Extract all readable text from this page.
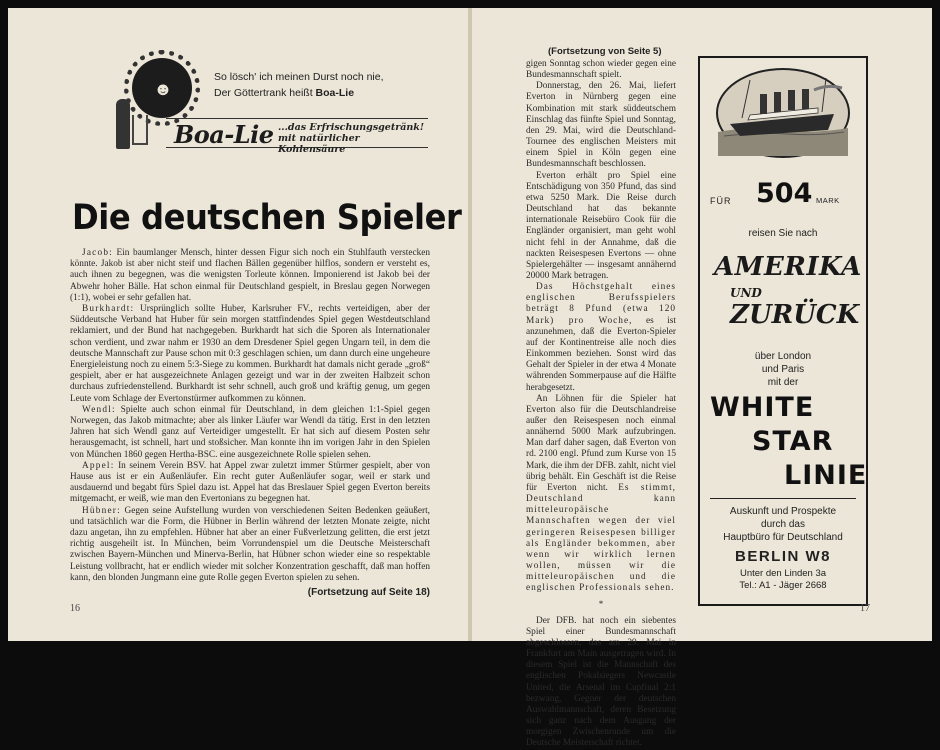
☻
So lösch' ich meinen Durst noch nie,
Der Göttertrank heißt Boa-Lie
Boa-Lie ...das Erfrischungsgetränk!
mit natürlicher Kohlensäure
Die deutschen Spieler

Jacob: Ein baumlanger Mensch, hinter dessen Figur sich noch ein Stuhlfauth verstecken könnte. Jakob ist aber nicht steif und flachen Bällen gegenüber hilflos, sondern er versteht es, auch ihnen zu begegnen, was die wenigsten Torleute können. Imponierend ist Jakob bei der Abwehr hoher Bälle. Hat schon einmal für Deutschland gespielt, in Breslau gegen Norwegen (1:1), wobei er sehr gefallen hat.

Burkhardt: Ursprünglich sollte Huber, Karlsruher FV., rechts verteidigen, aber der Süddeutsche Verband hat Huber für sein morgen stattfindendes Spiel gegen Westdeutschland reklamiert, und der Bund hat nachgegeben. Burkhardt hat sich die Sporen als Internationaler schon verdient, und zwar nahm er 1930 an dem Dresdener Spiel gegen Ungarn teil, in dem die deutsche Mannschaft zur Pause schon mit 0:3 geschlagen schien, um dann durch eine ungeheure Energieleistung noch zu einem 5:3-Siege zu kommen. Burkhardt hat damals nicht gerade „groß“ gespielt, aber er hat ausgezeichnete Anlagen gezeigt und war in der zweiten Halbzeit schon durchaus zufriedenstellend. Burkhardt ist sehr schnell, auch groß und kräftig genug, um gegen Leute vom Schlage der Evertonstürmer aufkommen zu können.

Wendl: Spielte auch schon einmal für Deutschland, in dem gleichen 1:1-Spiel gegen Norwegen, das Jakob mitmachte; aber als linker Läufer war Wendl da tätig. Erst in den letzten Jahren hat sich Wendl ganz auf Verteidiger umgestellt. Er hat sich auf diesem Posten sehr herausgemacht, ist schnell, hart und stoßsicher. Man konnte ihn im vorigen Jahr in den Spielen von München 1860 gegen Hertha-BSC. eine ausgezeichnete Rolle spielen sehen.

Appel: In seinem Verein BSV. hat Appel zwar zuletzt immer Stürmer gespielt, aber von Hause aus ist er ein Außenläufer. Ein recht guter Außenläufer sogar, weil er stark und ausdauernd und begabt fürs Spiel dazu ist. Appel hat das Breslauer Spiel gegen Everton bereits mitgemacht, er weiß, wie man den Evertonians zu begegnen hat.

Hübner: Gegen seine Aufstellung wurden von verschiedenen Seiten Bedenken geäußert, und tatsächlich war die Form, die Hübner in Berlin während der letzten Monate zeigte, nicht dazu angetan, ihn zu empfehlen. Hübner hat aber an einer Fußverletzung gelitten, die erst jetzt richtig ausgeheilt ist. In München, beim Vorrundenspiel um die Deutsche Meisterschaft zwischen Bayern-München und Minerva-Berlin, hat Hübner schon wieder eine so respektable Leistung vollbracht, hat er endlich wieder mit solcher Konzentration geschafft, daß man hoffen kann, den blonden Jungmann eine gute Rolle gegen Everton spielen zu sehen.

(Fortsetzung auf Seite 18)
16
(Fortsetzung von Seite 5)

gigen Sonntag schon wieder gegen eine Bundesmannschaft spielt.

Donnerstag, den 26. Mai, liefert Everton in Nürnberg gegen eine Kombination mit stark süddeutschem Einschlag das fünfte Spiel und Sonntag, den 29. Mai, wird die Deutschland-Tournee des englischen Meisters mit einem Spiel in Köln gegen eine Bundesmannschaft beschlossen.

Everton erhält pro Spiel eine Entschädigung von 350 Pfund, das sind etwa 5250 Mark. Die Reise durch Deutschland hat das bekannte internationale Reisebüro Cook für die Engländer organisiert, man geht wohl nicht fehl in der Annahme, daß die nackten Reisespesen Evertons — ohne Spielergehälter — insgesamt annähernd 20000 Mark betragen.

Das Höchstgehalt eines englischen Berufsspielers beträgt 8 Pfund (etwa 120 Mark) pro Woche, es ist anzunehmen, daß die Everton-Spieler auf der Kontinentreise alle noch dies Einkommen beziehen. Sonst wird das Gehalt der Spieler in der etwa 4 Monate währenden Sommerpause auf die Hälfte herabgesetzt.

An Löhnen für die Spieler hat Everton also für die Deutschlandreise außer den Reisespesen noch einmal annähernd 5000 Mark aufzubringen. Man darf daher sagen, daß Everton von rd. 2100 engl. Pfund zum Kurse von 15 Mark, die ihm der DFB. zahlt, nicht viel übrig behält. Ein Geschäft ist die Reise für Everton nicht. Es stimmt, Deutschland kann mitteleuropäische Mannschaften wegen der viel geringeren Reisespesen billiger als Engländer bekommen, aber wenn wir wirklich lernen wollen, müssen wir die mitteleuropäischen und die englischen Professionals sehen.

*

Der DFB. hat noch ein siebentes Spiel einer Bundesmannschaft abgeschlossen, das am 29. Mai in Frankfurt am Main ausgetragen wird. In diesem Spiel ist die Mannschaft des englischen Pokalsiegers Newcastle United, die Arsenal im Cupfinal 2:1 bezwang, Gegner der deutschen Auswahlmannschaft, deren Besetzung sich ganz nach dem Ausgang der morgigen Zwischenrunde um die Deutsche Meisterschaft richtet.

FÜR 504 MARK
reisen Sie nach
AMERIKA
UND
ZURÜCK
über London
und Paris
mit der
WHITE
STAR
LINIE
Auskunft und Prospekte
durch das
Hauptbüro für Deutschland
BERLIN W8
Unter den Linden 3a
Tel.: A1 - Jäger 2668
17
